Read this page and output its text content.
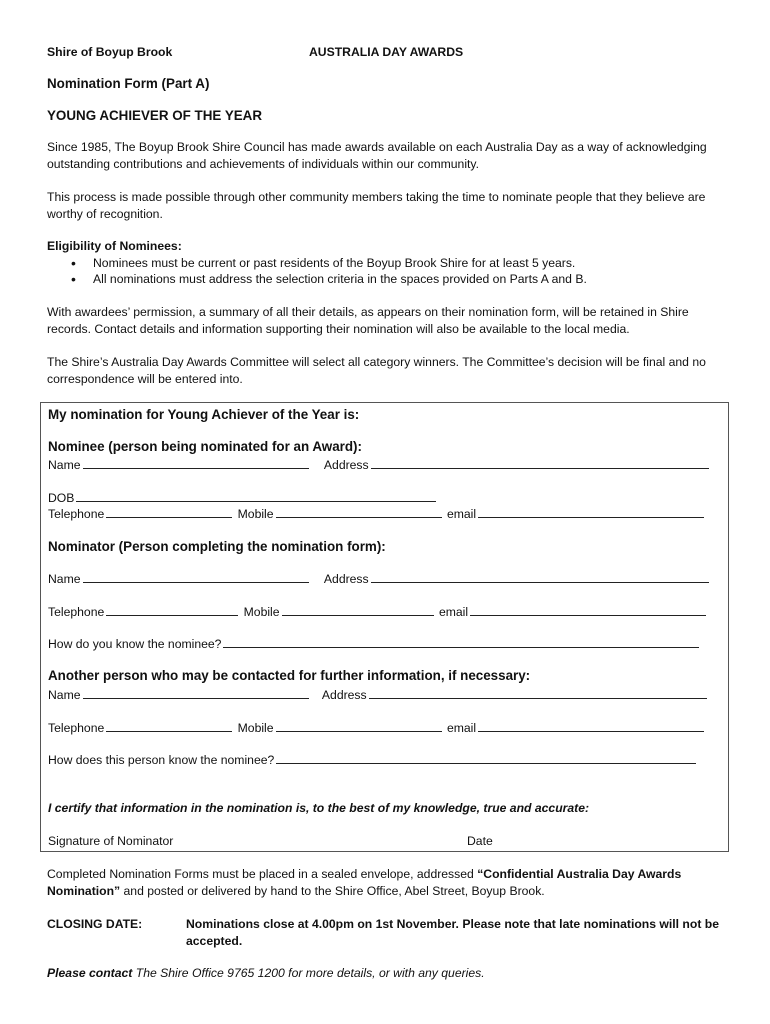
Shire of Boyup Brook	AUSTRALIA DAY AWARDS
Nomination Form (Part A)
YOUNG ACHIEVER OF THE YEAR

Since 1985, The Boyup Brook Shire Council has made awards available on each Australia Day as a way of acknowledging outstanding contributions and achievements of individuals within our community.

This process is made possible through other community members taking the time to nominate people that they believe are worthy of recognition.

Eligibility of Nominees:
• Nominees must be current or past residents of the Boyup Brook Shire for at least 5 years.
• All nominations must address the selection criteria in the spaces provided on Parts A and B.

With awardees’ permission, a summary of all their details, as appears on their nomination form, will be retained in Shire records. Contact details and information supporting their nomination will also be available to the local media.

The Shire’s Australia Day Awards Committee will select all category winners. The Committee’s decision will be final and no correspondence will be entered into.

My nomination for Young Achiever of the Year is:
Nominee (person being nominated for an Award):
Name	Address
DOB
Telephone	Mobile	email
Nominator (Person completing the nomination form):
Name	Address
Telephone	Mobile	email
How do you know the nominee?
Another person who may be contacted for further information, if necessary:
Name	Address
Telephone	Mobile	email
How does this person know the nominee?
I certify that information in the nomination is, to the best of my knowledge, true and accurate:
Signature of Nominator	Date

Completed Nomination Forms must be placed in a sealed envelope, addressed “Confidential Australia Day Awards Nomination” and posted or delivered by hand to the Shire Office, Abel Street, Boyup Brook.

CLOSING DATE:	Nominations close at 4.00pm on 1st November. Please note that late nominations will not be accepted.

Please contact The Shire Office 9765 1200 for more details, or with any queries.
